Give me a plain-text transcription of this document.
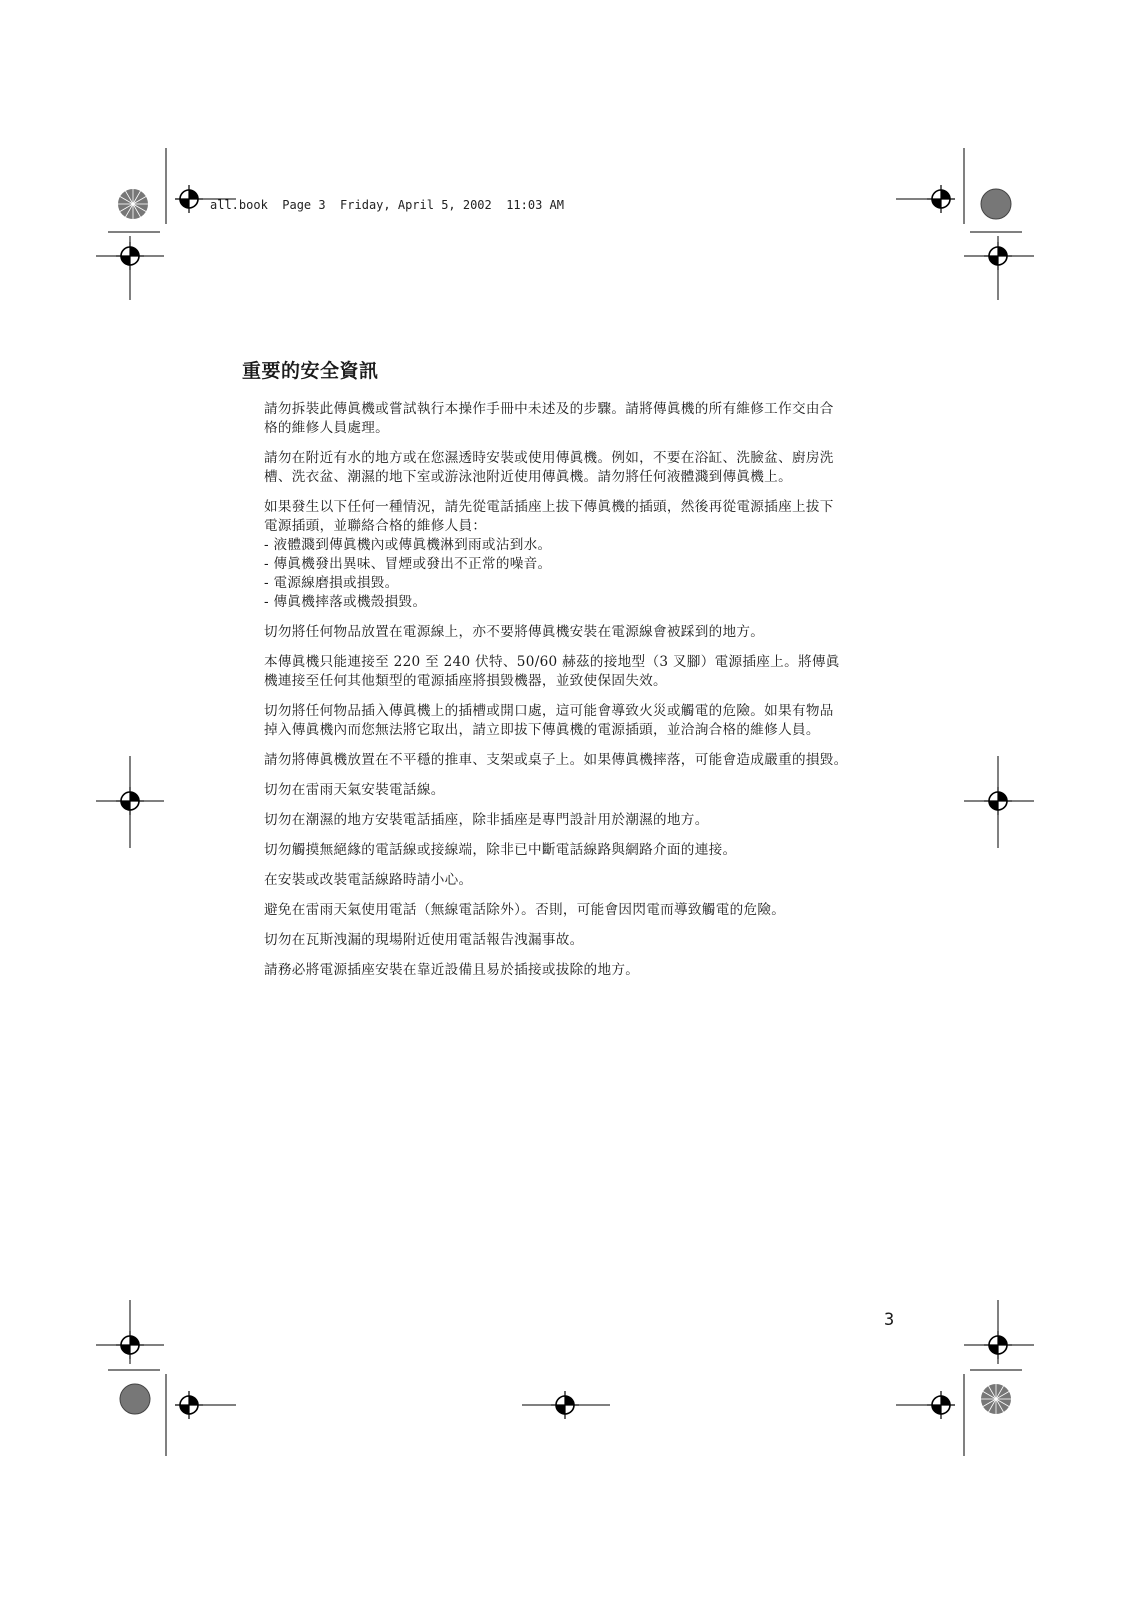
all.book  Page 3  Friday, April 5, 2002  11:03 AM
重要的安全資訊

請勿拆裝此傳眞機或嘗試執行本操作手冊中未述及的步驟。請將傳眞機的所有維修工作交由合
格的維修人員處理。

請勿在附近有水的地方或在您濕透時安裝或使用傳眞機。例如，不要在浴缸、洗臉盆、廚房洗
槽、洗衣盆、潮濕的地下室或游泳池附近使用傳眞機。請勿將任何液體濺到傳眞機上。

如果發生以下任何一種情況，請先從電話插座上拔下傳眞機的插頭，然後再從電源插座上拔下
電源插頭，並聯絡合格的維修人員：
- 液體濺到傳眞機內或傳眞機淋到雨或沾到水。
- 傳眞機發出異味、冒煙或發出不正常的噪音。
- 電源線磨損或損毀。
- 傳眞機摔落或機殼損毀。

切勿將任何物品放置在電源線上，亦不要將傳眞機安裝在電源線會被踩到的地方。

本傳眞機只能連接至 220 至 240 伏特、50/60 赫茲的接地型（3 叉腳）電源插座上。將傳眞
機連接至任何其他類型的電源插座將損毀機器，並致使保固失效。

切勿將任何物品插入傳眞機上的插槽或開口處，這可能會導致火災或觸電的危險。如果有物品
掉入傳眞機內而您無法將它取出，請立即拔下傳眞機的電源插頭，並洽詢合格的維修人員。

請勿將傳眞機放置在不平穩的推車、支架或桌子上。如果傳眞機摔落，可能會造成嚴重的損毀。

切勿在雷雨天氣安裝電話線。

切勿在潮濕的地方安裝電話插座，除非插座是專門設計用於潮濕的地方。

切勿觸摸無絕緣的電話線或接線端，除非已中斷電話線路與網路介面的連接。

在安裝或改裝電話線路時請小心。

避免在雷雨天氣使用電話（無線電話除外）。否則，可能會因閃電而導致觸電的危險。

切勿在瓦斯洩漏的現場附近使用電話報告洩漏事故。

請務必將電源插座安裝在靠近設備且易於插接或拔除的地方。

3
